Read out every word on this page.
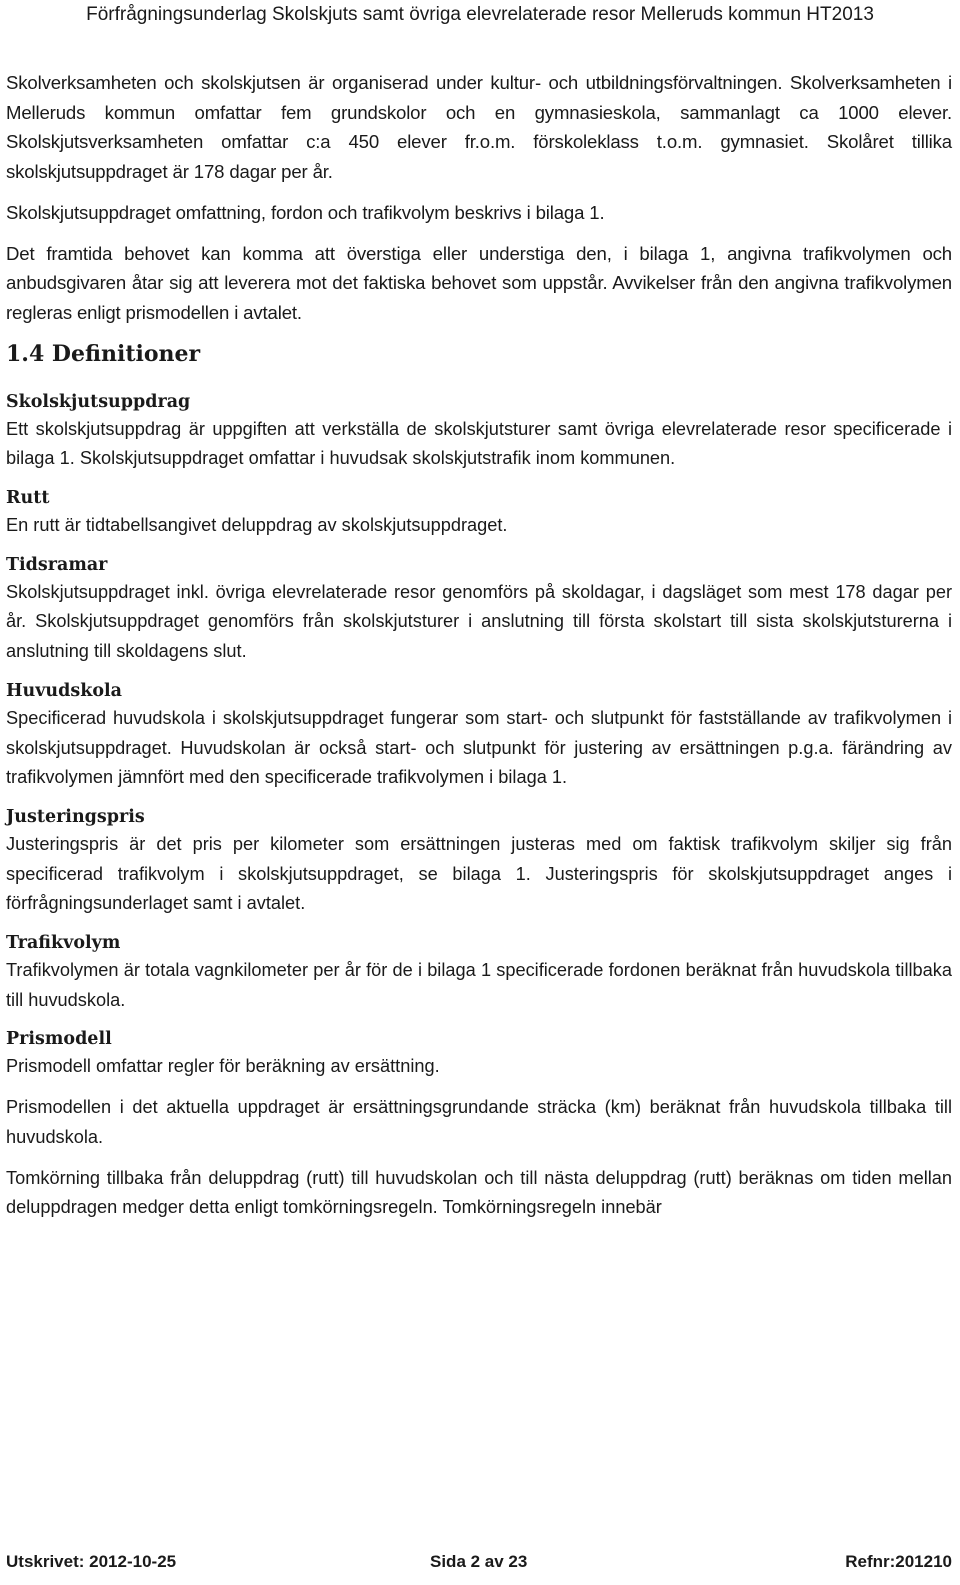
Förfrågningsunderlag Skolskjuts samt övriga elevrelaterade resor Melleruds kommun HT2013

Skolverksamheten och skolskjutsen är organiserad under kultur- och utbildningsförvaltningen. Skolverksamheten i Melleruds kommun omfattar fem grundskolor och en gymnasieskola, sammanlagt ca 1000 elever. Skolskjutsverksamheten omfattar c:a 450 elever fr.o.m. förskoleklass t.o.m. gymnasiet. Skolåret tillika skolskjutsuppdraget är 178 dagar per år.

Skolskjutsuppdraget omfattning, fordon och trafikvolym beskrivs i bilaga 1.

Det framtida behovet kan komma att överstiga eller understiga den, i bilaga 1, angivna trafikvolymen och anbudsgivaren åtar sig att leverera mot det faktiska behovet som uppstår. Avvikelser från den angivna trafikvolymen regleras enligt prismodellen i avtalet.

1.4 Definitioner
Skolskjutsuppdrag

Ett skolskjutsuppdrag är uppgiften att verkställa de skolskjutsturer samt övriga elevrelaterade resor specificerade i bilaga 1. Skolskjutsuppdraget omfattar i huvudsak skolskjutstrafik inom kommunen.

Rutt

En rutt är tidtabellsangivet deluppdrag av skolskjutsuppdraget.

Tidsramar

Skolskjutsuppdraget inkl. övriga elevrelaterade resor genomförs på skoldagar, i dagsläget som mest 178 dagar per år. Skolskjutsuppdraget genomförs från skolskjutsturer i anslutning till första skolstart till sista skolskjutsturerna i anslutning till skoldagens slut.

Huvudskola

Specificerad huvudskola i skolskjutsuppdraget fungerar som start- och slutpunkt för fastställande av trafikvolymen i skolskjutsuppdraget. Huvudskolan är också start- och slutpunkt för justering av ersättningen p.g.a. färändring av trafikvolymen jämnfört med den specificerade trafikvolymen i bilaga 1.

Justeringspris

Justeringspris är det pris per kilometer som ersättningen justeras med om faktisk trafikvolym skiljer sig från specificerad trafikvolym i skolskjutsuppdraget, se bilaga 1. Justeringspris för skolskjutsuppdraget anges i förfrågningsunderlaget samt i avtalet.

Trafikvolym

Trafikvolymen är totala vagnkilometer per år för de i bilaga 1 specificerade fordonen beräknat från huvudskola tillbaka till huvudskola.

Prismodell

Prismodell omfattar regler för beräkning av ersättning.

Prismodellen i det aktuella uppdraget är ersättningsgrundande sträcka (km) beräknat från huvudskola tillbaka till huvudskola.

Tomkörning tillbaka från deluppdrag (rutt) till huvudskolan och till nästa deluppdrag (rutt) beräknas om tiden mellan deluppdragen medger detta enligt tomkörningsregeln. Tomkörningsregeln innebär

Utskrivet: 2012-10-25	Sida 2 av 23	Refnr:201210
